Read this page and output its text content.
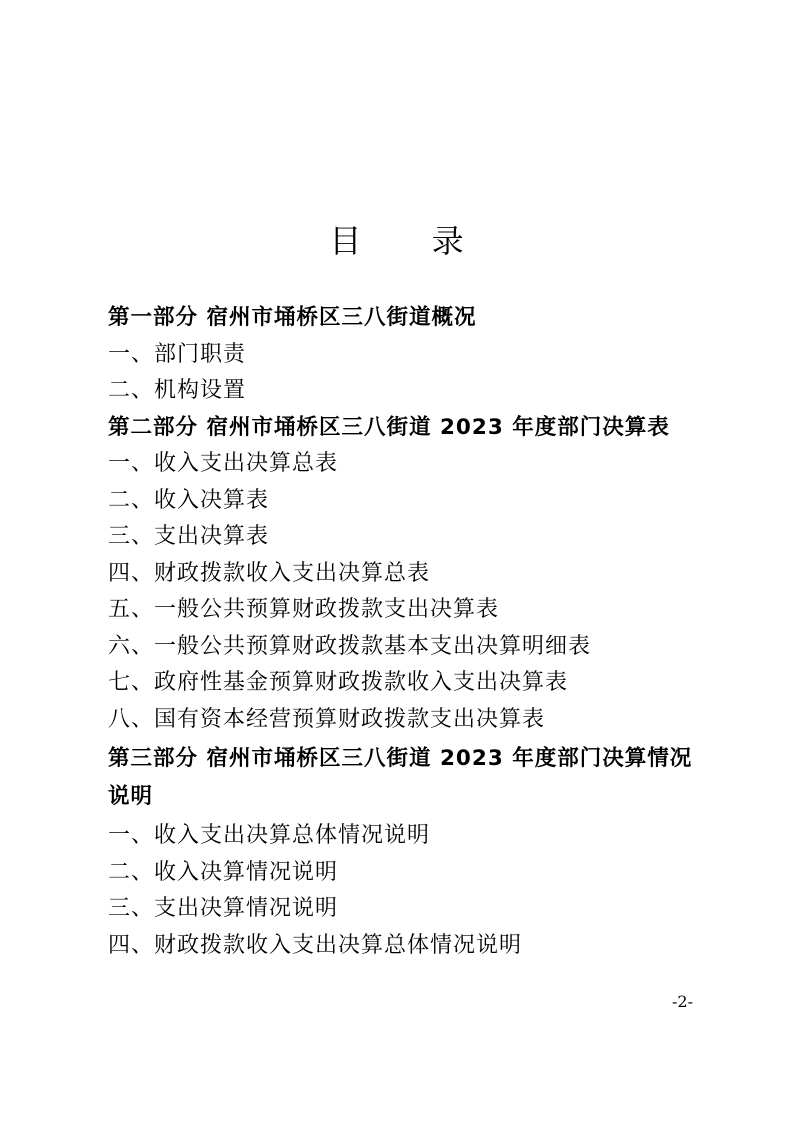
目 录
第一部分 宿州市埇桥区三八街道概况
一、部门职责
二、机构设置
第二部分 宿州市埇桥区三八街道 2023 年度部门决算表
一、收入支出决算总表
二、收入决算表
三、支出决算表
四、财政拨款收入支出决算总表
五、一般公共预算财政拨款支出决算表
六、一般公共预算财政拨款基本支出决算明细表
七、政府性基金预算财政拨款收入支出决算表
八、国有资本经营预算财政拨款支出决算表
第三部分 宿州市埇桥区三八街道 2023 年度部门决算情况说明
一、收入支出决算总体情况说明
二、收入决算情况说明
三、支出决算情况说明
四、财政拨款收入支出决算总体情况说明
-2-
